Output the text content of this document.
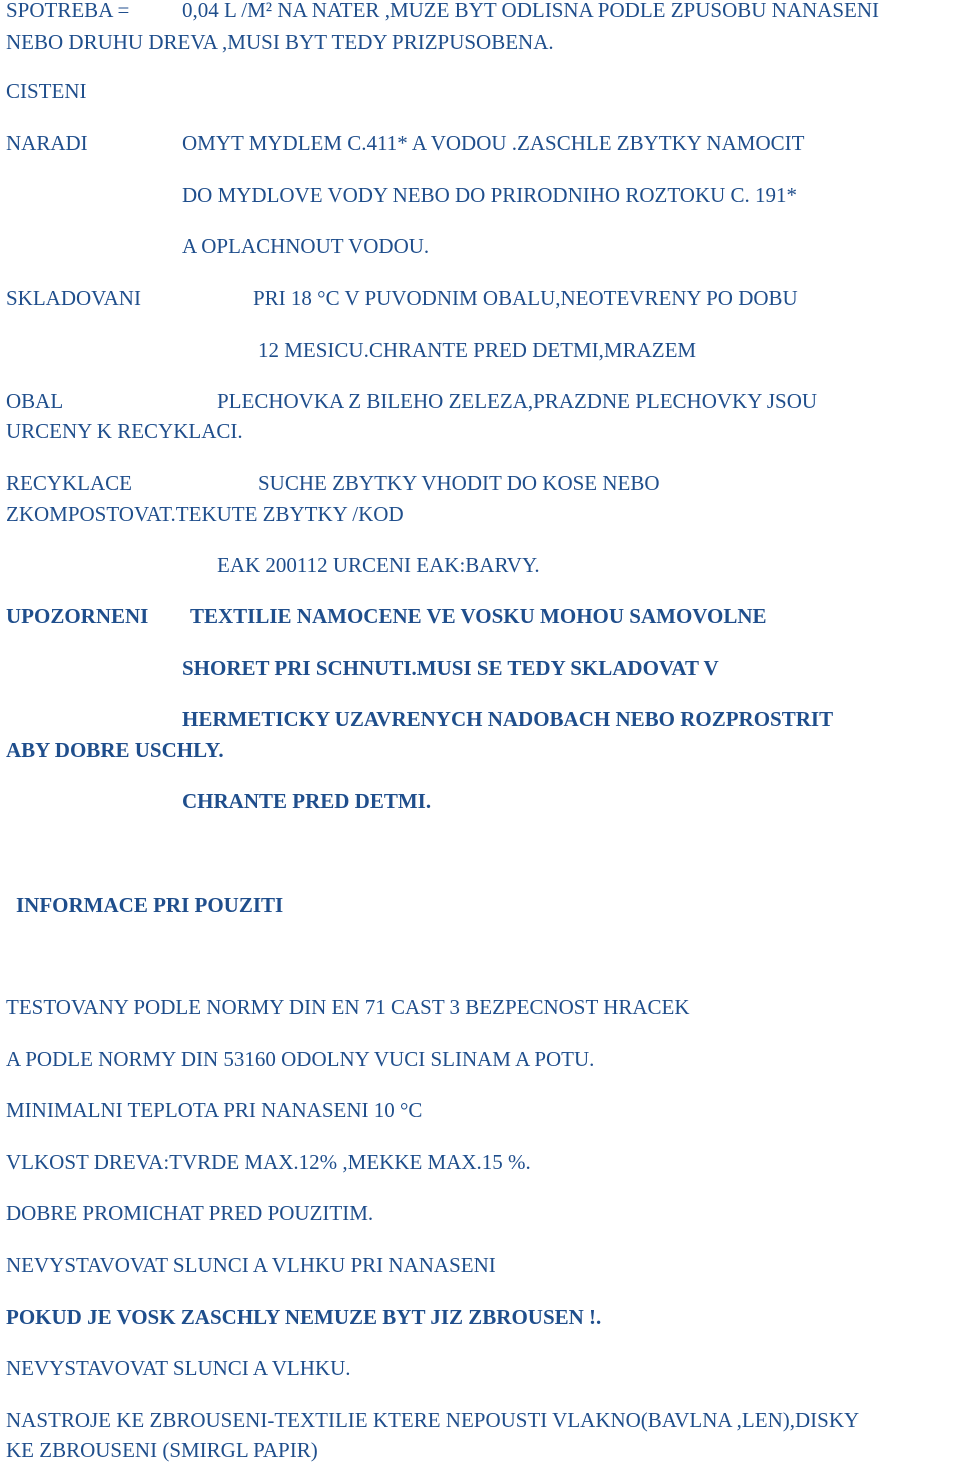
SPOTREBA =	0,04 L /M² NA NATER ,MUZE BYT ODLISNA PODLE ZPUSOBU NANASENI
NEBO DRUHU DREVA ,MUSI BYT TEDY PRIZPUSOBENA.
CISTENI
NARADI	OMYT MYDLEM C.411* A VODOU .ZASCHLE ZBYTKY NAMOCIT
DO MYDLOVE VODY NEBO DO PRIRODNIHO ROZTOKU C. 191*
A OPLACHNOUT VODOU.
SKLADOVANI	PRI 18 °C V PUVODNIM OBALU,NEOTEVRENY PO DOBU
12 MESICU.CHRANTE PRED DETMI,MRAZEM
OBAL	PLECHOVKA Z BILEHO ZELEZA,PRAZDNE PLECHOVKY JSOU
URCENY K RECYKLACI.
RECYKLACE	SUCHE ZBYTKY VHODIT DO KOSE NEBO
ZKOMPOSTOVAT.TEKUTE ZBYTKY /KOD
EAK 200112 URCENI EAK:BARVY.
UPOZORNENI TEXTILIE NAMOCENE VE VOSKU MOHOU SAMOVOLNE
SHORET PRI SCHNUTI.MUSI SE TEDY SKLADOVAT V
HERMETICKY UZAVRENYCH NADOBACH NEBO ROZPROSTRIT
ABY DOBRE USCHLY.
CHRANTE PRED DETMI.
INFORMACE PRI POUZITI
TESTOVANY PODLE NORMY DIN EN 71 CAST 3 BEZPECNOST HRACEK
A PODLE NORMY DIN 53160 ODOLNY VUCI SLINAM A POTU.
MINIMALNI TEPLOTA PRI NANASENI 10 °C
VLKOST DREVA:TVRDE MAX.12% ,MEKKE MAX.15 %.
DOBRE PROMICHAT PRED POUZITIM.
NEVYSTAVOVAT SLUNCI A VLHKU PRI NANASENI
POKUD JE VOSK ZASCHLY NEMUZE BYT JIZ ZBROUSEN !.
NEVYSTAVOVAT SLUNCI A VLHKU.
NASTROJE KE ZBROUSENI-TEXTILIE KTERE NEPOUSTI VLAKNO(BAVLNA ,LEN),DISKY
KE ZBROUSENI (SMIRGL PAPIR)
